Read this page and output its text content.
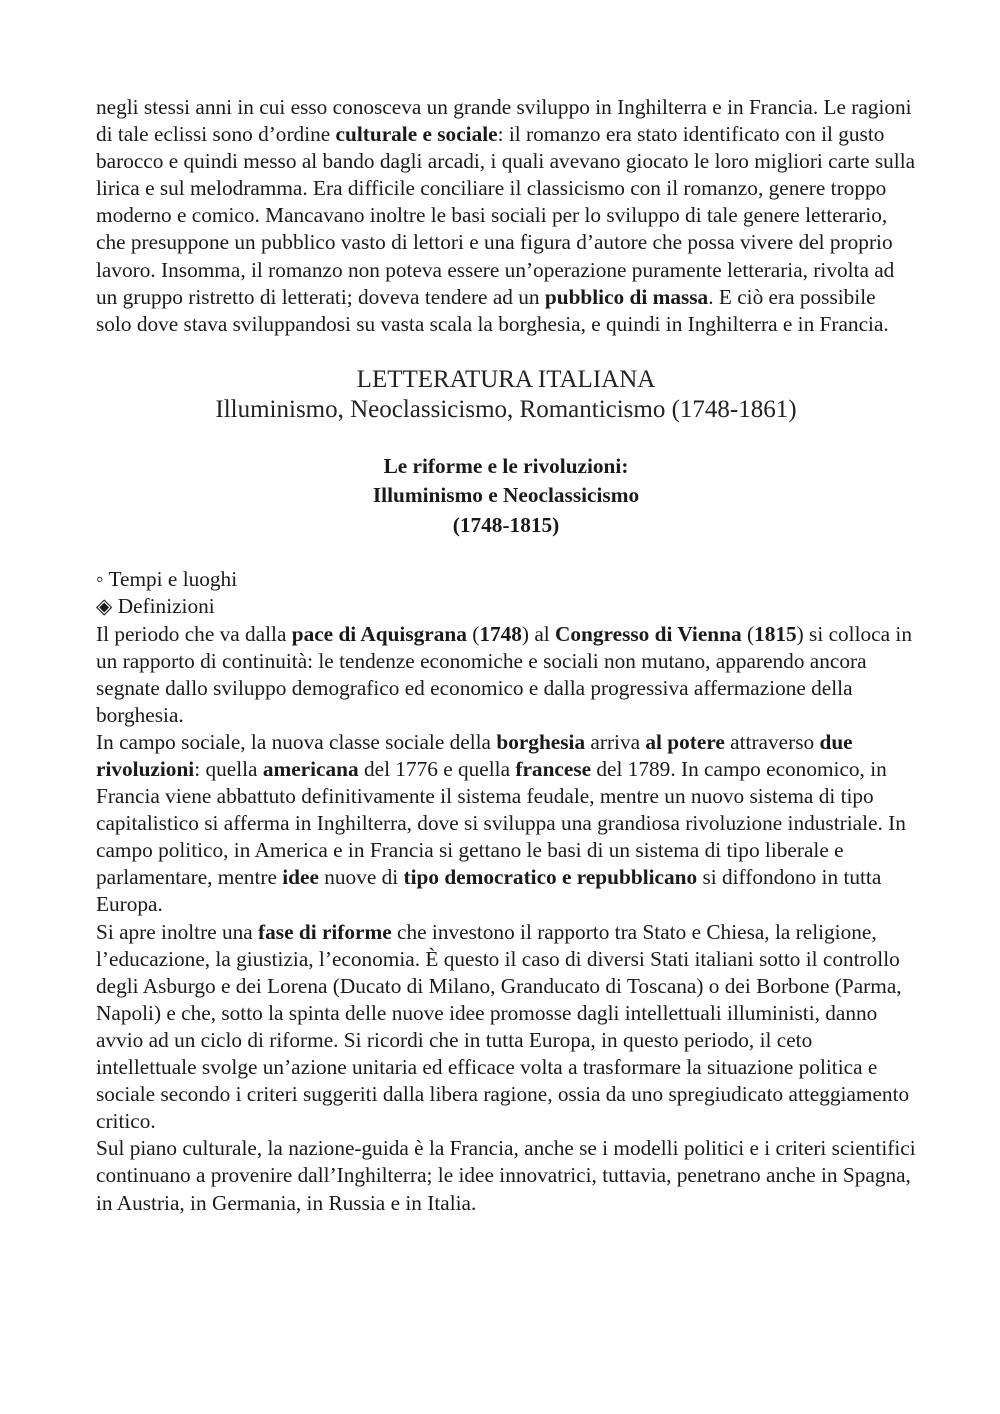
negli stessi anni in cui esso conosceva un grande sviluppo in Inghilterra e in Francia. Le ragioni di tale eclissi sono d’ordine culturale e sociale: il romanzo era stato identificato con il gusto barocco e quindi messo al bando dagli arcadi, i quali avevano giocato le loro migliori carte sulla lirica e sul melodramma. Era difficile conciliare il classicismo con il romanzo, genere troppo moderno e comico. Mancavano inoltre le basi sociali per lo sviluppo di tale genere letterario, che presuppone un pubblico vasto di lettori e una figura d’autore che possa vivere del proprio lavoro. Insomma, il romanzo non poteva essere un’operazione puramente letteraria, rivolta ad un gruppo ristretto di letterati; doveva tendere ad un pubblico di massa. E ciò era possibile solo dove stava sviluppandosi su vasta scala la borghesia, e quindi in Inghilterra e in Francia.

LETTERATURA ITALIANA

Illuminismo, Neoclassicismo, Romanticismo (1748-1861)

Le riforme e le rivoluzioni:

Illuminismo e Neoclassicismo

(1748-1815)

◦ Tempi e luoghi

◈ Definizioni

Il periodo che va dalla pace di Aquisgrana (1748) al Congresso di Vienna (1815) si colloca in un rapporto di continuità: le tendenze economiche e sociali non mutano, apparendo ancora segnate dallo sviluppo demografico ed economico e dalla progressiva affermazione della borghesia.

In campo sociale, la nuova classe sociale della borghesia arriva al potere attraverso due rivoluzioni: quella americana del 1776 e quella francese del 1789. In campo economico, in Francia viene abbattuto definitivamente il sistema feudale, mentre un nuovo sistema di tipo capitalistico si afferma in Inghilterra, dove si sviluppa una grandiosa rivoluzione industriale. In campo politico, in America e in Francia si gettano le basi di un sistema di tipo liberale e parlamentare, mentre idee nuove di tipo democratico e repubblicano si diffondono in tutta Europa.

Si apre inoltre una fase di riforme che investono il rapporto tra Stato e Chiesa, la religione, l’educazione, la giustizia, l’economia. È questo il caso di diversi Stati italiani sotto il controllo degli Asburgo e dei Lorena (Ducato di Milano, Granducato di Toscana) o dei Borbone (Parma, Napoli) e che, sotto la spinta delle nuove idee promosse dagli intellettuali illuministi, danno avvio ad un ciclo di riforme. Si ricordi che in tutta Europa, in questo periodo, il ceto intellettuale svolge un’azione unitaria ed efficace volta a trasformare la situazione politica e sociale secondo i criteri suggeriti dalla libera ragione, ossia da uno spregiudicato atteggiamento critico.

Sul piano culturale, la nazione-guida è la Francia, anche se i modelli politici e i criteri scientifici continuano a provenire dall’Inghilterra; le idee innovatrici, tuttavia, penetrano anche in Spagna, in Austria, in Germania, in Russia e in Italia.
